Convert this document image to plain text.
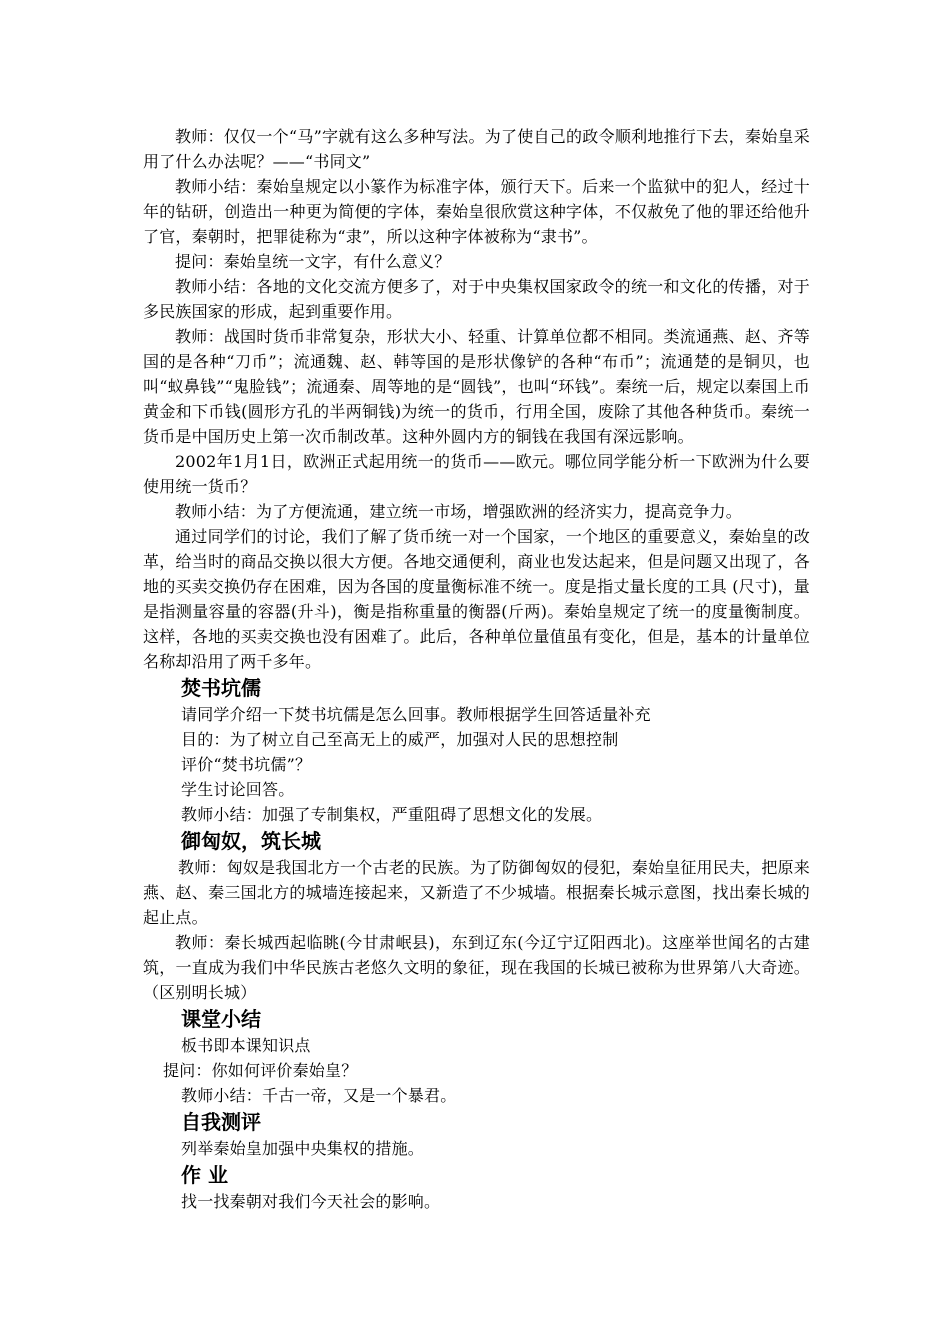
教师：仅仅一个“马”字就有这么多种写法。为了使自己的政令顺利地推行下去，秦始皇采用了什么办法呢？——“书同文”

教师小结：秦始皇规定以小篆作为标准字体，颁行天下。后来一个监狱中的犯人，经过十年的钻研，创造出一种更为简便的字体，秦始皇很欣赏这种字体，不仅赦免了他的罪还给他升了官，秦朝时，把罪徒称为“隶”，所以这种字体被称为“隶书”。

提问：秦始皇统一文字，有什么意义？

教师小结：各地的文化交流方便多了，对于中央集权国家政令的统一和文化的传播，对于多民族国家的形成，起到重要作用。

教师：战国时货币非常复杂，形状大小、轻重、计算单位都不相同。类流通燕、赵、齐等国的是各种“刀币”；流通魏、赵、韩等国的是形状像铲的各种“布币”；流通楚的是铜贝，也叫“蚁鼻钱”“鬼脸钱”；流通秦、周等地的是“圆钱”，也叫“环钱”。秦统一后，规定以秦国上币黄金和下币钱(圆形方孔的半两铜钱)为统一的货币，行用全国，废除了其他各种货币。秦统一货币是中国历史上第一次币制改革。这种外圆内方的铜钱在我国有深远影响。

2002年1月1日，欧洲正式起用统一的货币——欧元。哪位同学能分析一下欧洲为什么要使用统一货币？

教师小结：为了方便流通，建立统一市场，增强欧洲的经济实力，提高竞争力。

通过同学们的讨论，我们了解了货币统一对一个国家，一个地区的重要意义，秦始皇的改革，给当时的商品交换以很大方便。各地交通便利，商业也发达起来，但是问题又出现了，各地的买卖交换仍存在困难，因为各国的度量衡标准不统一。度是指丈量长度的工具 (尺寸)，量是指测量容量的容器(升斗)，衡是指称重量的衡器(斤两)。秦始皇规定了统一的度量衡制度。这样，各地的买卖交换也没有困难了。此后，各种单位量值虽有变化，但是，基本的计量单位名称却沿用了两千多年。

焚书坑儒

请同学介绍一下焚书坑儒是怎么回事。教师根据学生回答适量补充

目的：为了树立自己至高无上的威严，加强对人民的思想控制

评价“焚书坑儒”？

学生讨论回答。

教师小结：加强了专制集权，严重阻碍了思想文化的发展。

御匈奴，筑长城

教师：匈奴是我国北方一个古老的民族。为了防御匈奴的侵犯，秦始皇征用民夫，把原来燕、赵、秦三国北方的城墙连接起来，又新造了不少城墙。根据秦长城示意图，找出秦长城的起止点。

教师：秦长城西起临眺(今甘肃岷县)，东到辽东(今辽宁辽阳西北)。这座举世闻名的古建筑，一直成为我们中华民族古老悠久文明的象征，现在我国的长城已被称为世界第八大奇迹。（区别明长城）

课堂小结

板书即本课知识点

提问：你如何评价秦始皇？

教师小结：千古一帝，又是一个暴君。

自我测评

列举秦始皇加强中央集权的措施。

作 业

找一找秦朝对我们今天社会的影响。
